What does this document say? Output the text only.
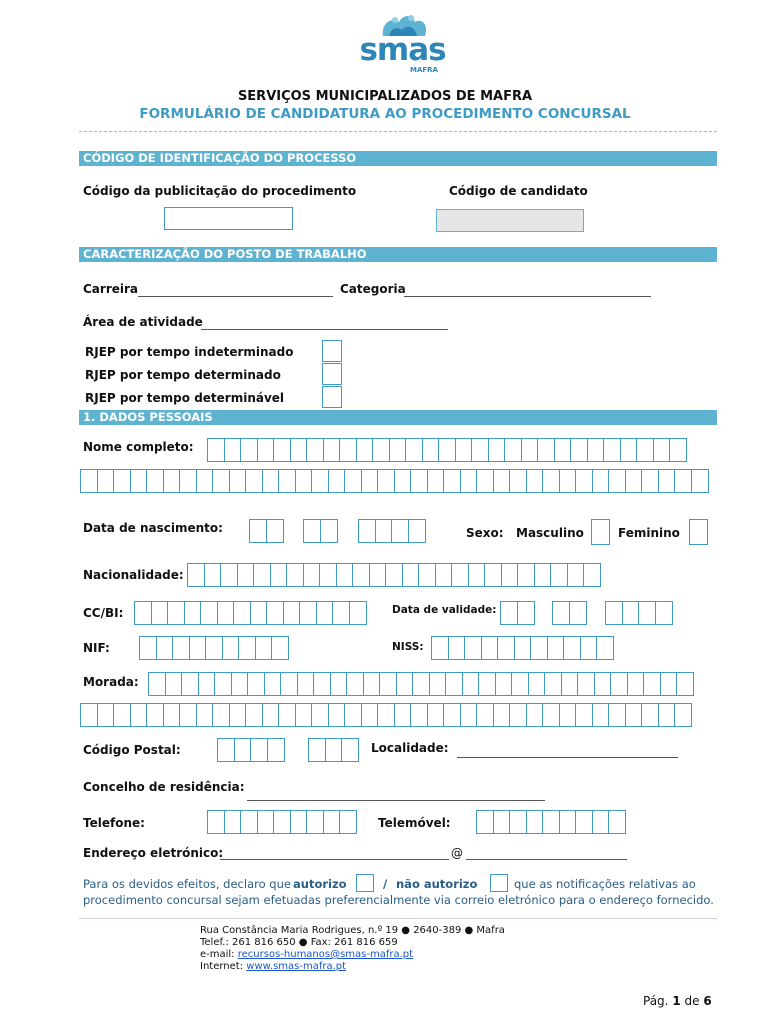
smas
MAFRA
SERVIÇOS MUNICIPALIZADOS DE MAFRA
FORMULÁRIO DE CANDIDATURA AO PROCEDIMENTO CONCURSAL
CÓDIGO DE IDENTIFICAÇÃO DO PROCESSO
Código da publicitação do procedimento	Código de candidato
CARACTERIZAÇÃO DO POSTO DE TRABALHO
Carreira	Categoria
Área de atividade
RJEP por tempo indeterminado
RJEP por tempo determinado
RJEP por tempo determinável
1. DADOS PESSOAIS
Nome completo:
Data de nascimento:	Sexo: Masculino	Feminino
Nacionalidade:
CC/BI:	Data de validade:
NIF:	NISS:
Morada:
Código Postal:	Localidade:
Concelho de residência:
Telefone:	Telemóvel:
Endereço eletrónico:	@
Para os devidos efeitos, declaro que autorizo	/ não autorizo	que as notificações relativas ao
procedimento concursal sejam efetuadas preferencialmente via correio eletrónico para o endereço fornecido.
Rua Constância Maria Rodrigues, n.º 19 ● 2640-389 ● Mafra
Telef.: 261 816 650 ● Fax: 261 816 659
e-mail: recursos-humanos@smas-mafra.pt
Internet: www.smas-mafra.pt
Pág. 1 de 6
